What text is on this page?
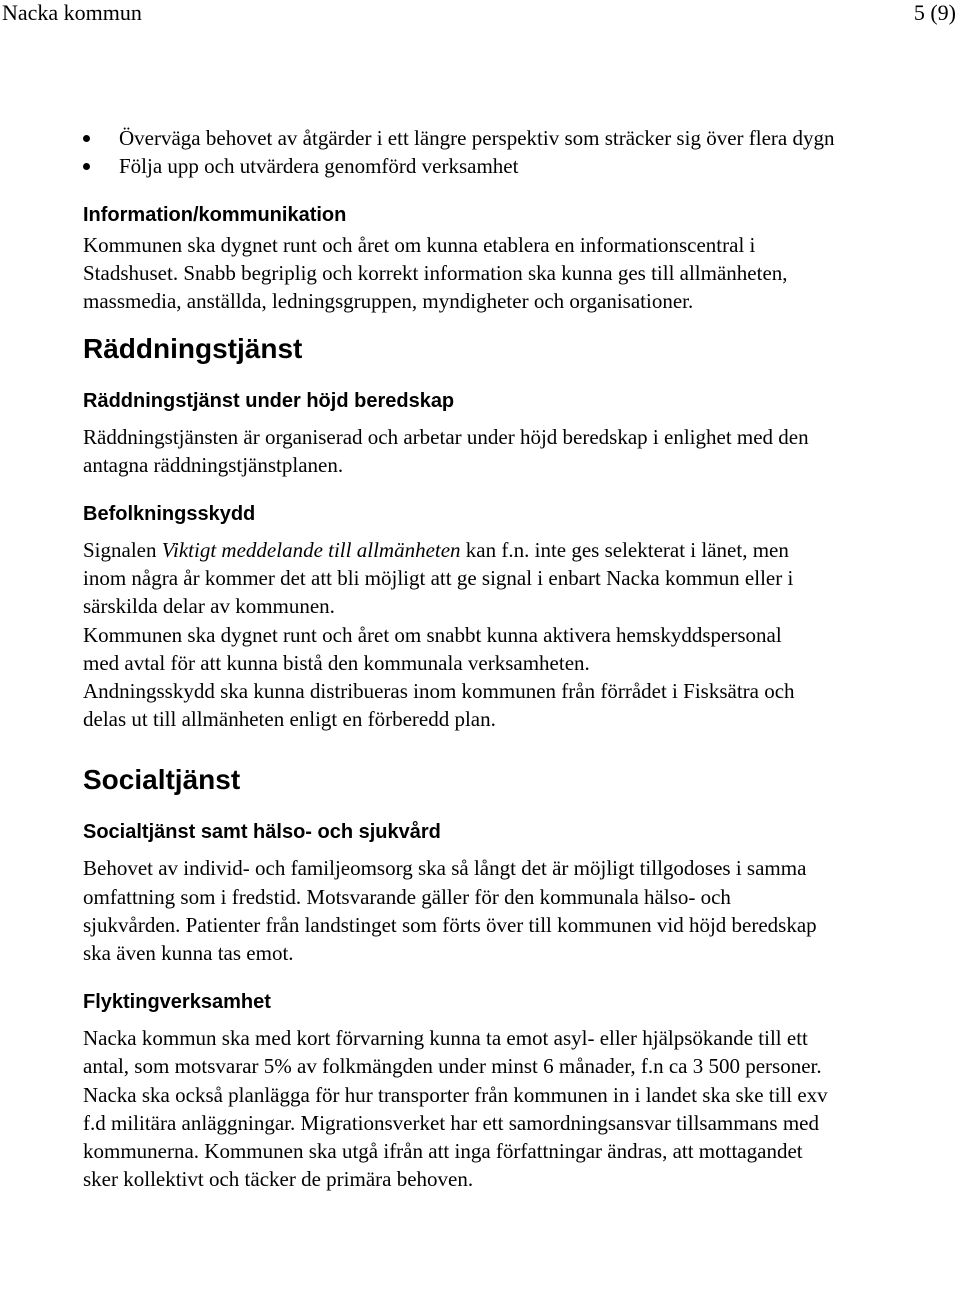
Nacka kommun	5 (9)
Överväga behovet av åtgärder i ett längre perspektiv som sträcker sig över flera dygn
Följa upp och utvärdera genomförd verksamhet
Information/kommunikation

Kommunen ska dygnet runt och året om kunna etablera en informationscentral i Stadshuset. Snabb begriplig och korrekt information ska kunna ges till allmänheten, massmedia, anställda, ledningsgruppen, myndigheter och organisationer.

Räddningstjänst
Räddningstjänst under höjd beredskap

Räddningstjänsten är organiserad och arbetar under höjd beredskap i enlighet med den antagna räddningstjänstplanen.

Befolkningsskydd

Signalen Viktigt meddelande till allmänheten kan f.n. inte ges selekterat i länet, men inom några år kommer det att bli möjligt att ge signal i enbart Nacka kommun eller i särskilda delar av kommunen.

Kommunen ska dygnet runt och året om snabbt kunna aktivera hemskyddspersonal med avtal för att kunna bistå den kommunala verksamheten.

Andningsskydd ska kunna distribueras inom kommunen från förrådet i Fisksätra och delas ut till allmänheten enligt en förberedd plan.

Socialtjänst
Socialtjänst samt hälso- och sjukvård

Behovet av individ- och familjeomsorg ska så långt det är möjligt tillgodoses i samma omfattning som i fredstid. Motsvarande gäller för den kommunala hälso- och sjukvården. Patienter från landstinget som förts över till kommunen vid höjd beredskap ska även kunna tas emot.

Flyktingverksamhet

Nacka kommun ska med kort förvarning kunna ta emot asyl- eller hjälpsökande till ett antal, som motsvarar 5% av folkmängden under minst 6 månader, f.n ca 3 500 personer. Nacka ska också planlägga för hur transporter från kommunen in i landet ska ske till exv f.d militära anläggningar. Migrationsverket har ett samordningsansvar tillsammans med kommunerna. Kommunen ska utgå ifrån att inga författningar ändras, att mottagandet sker kollektivt och täcker de primära behoven.
